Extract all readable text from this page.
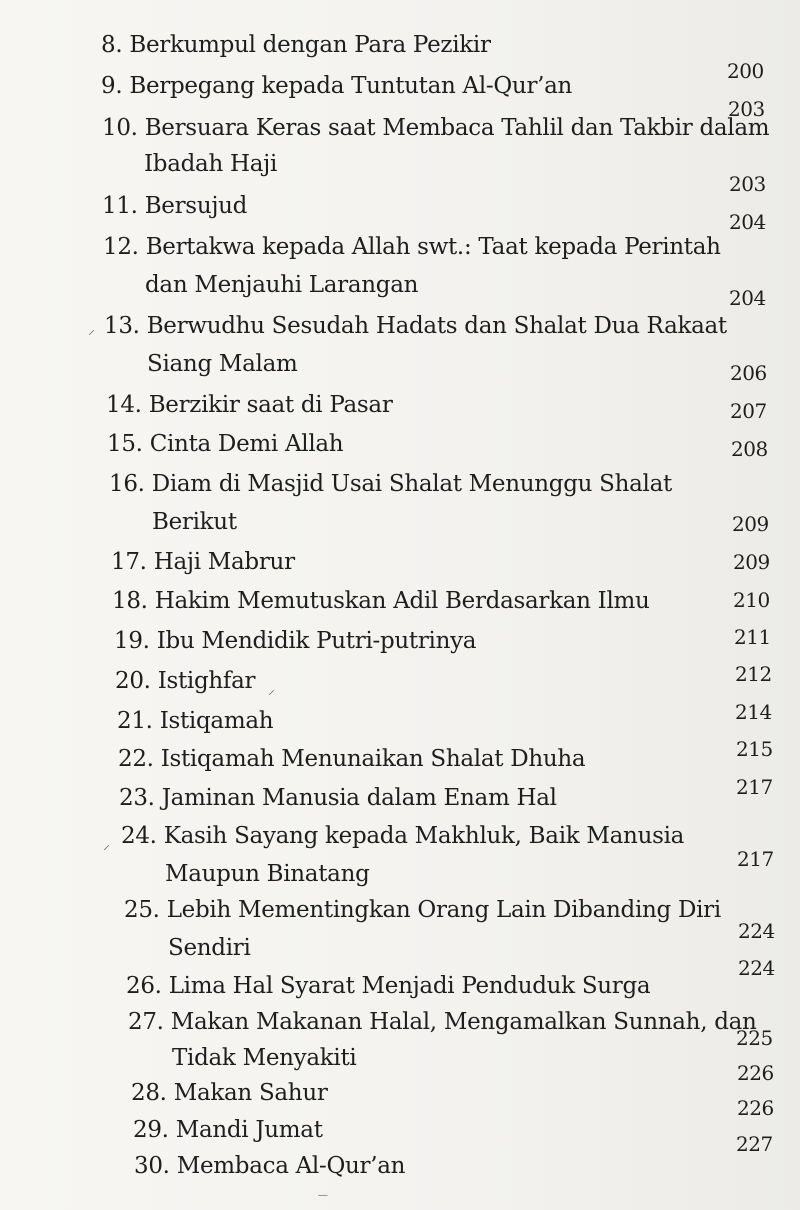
8. Berkumpul dengan Para Pezikir
200
9. Berpegang kepada Tuntutan Al-Qur’an
203
10. Bersuara Keras saat Membaca Tahlil dan Takbir dalam
Ibadah Haji
203
11. Bersujud
204
12. Bertakwa kepada Allah swt.: Taat kepada Perintah
dan Menjauhi Larangan	204
⸝ 13. Berwudhu Sesudah Hadats dan Shalat Dua Rakaat
Siang Malam	206
14. Berzikir saat di Pasar	207
15. Cinta Demi Allah	208
16. Diam di Masjid Usai Shalat Menunggu Shalat
Berikut	209
17. Haji Mabrur	209
18. Hakim Memutuskan Adil Berdasarkan Ilmu	210
19. Ibu Mendidik Putri-putrinya	211
20. Istighfar ⸝
212
21. Istiqamah	214
22. Istiqamah Menunaikan Shalat Dhuha	215
23. Jaminan Manusia dalam Enam Hal	217
⸝ 24. Kasih Sayang kepada Makhluk, Baik Manusia
Maupun Binatang
217
25. Lebih Mementingkan Orang Lain Dibanding Diri
Sendiri
224
26. Lima Hal Syarat Menjadi Penduduk Surga
224
27. Makan Makanan Halal, Mengamalkan Sunnah, dan
Tidak Menyakiti
225
28. Makan Sahur
226
29. Mandi Jumat
226
30. Membaca Al-Qur’an
227
—
